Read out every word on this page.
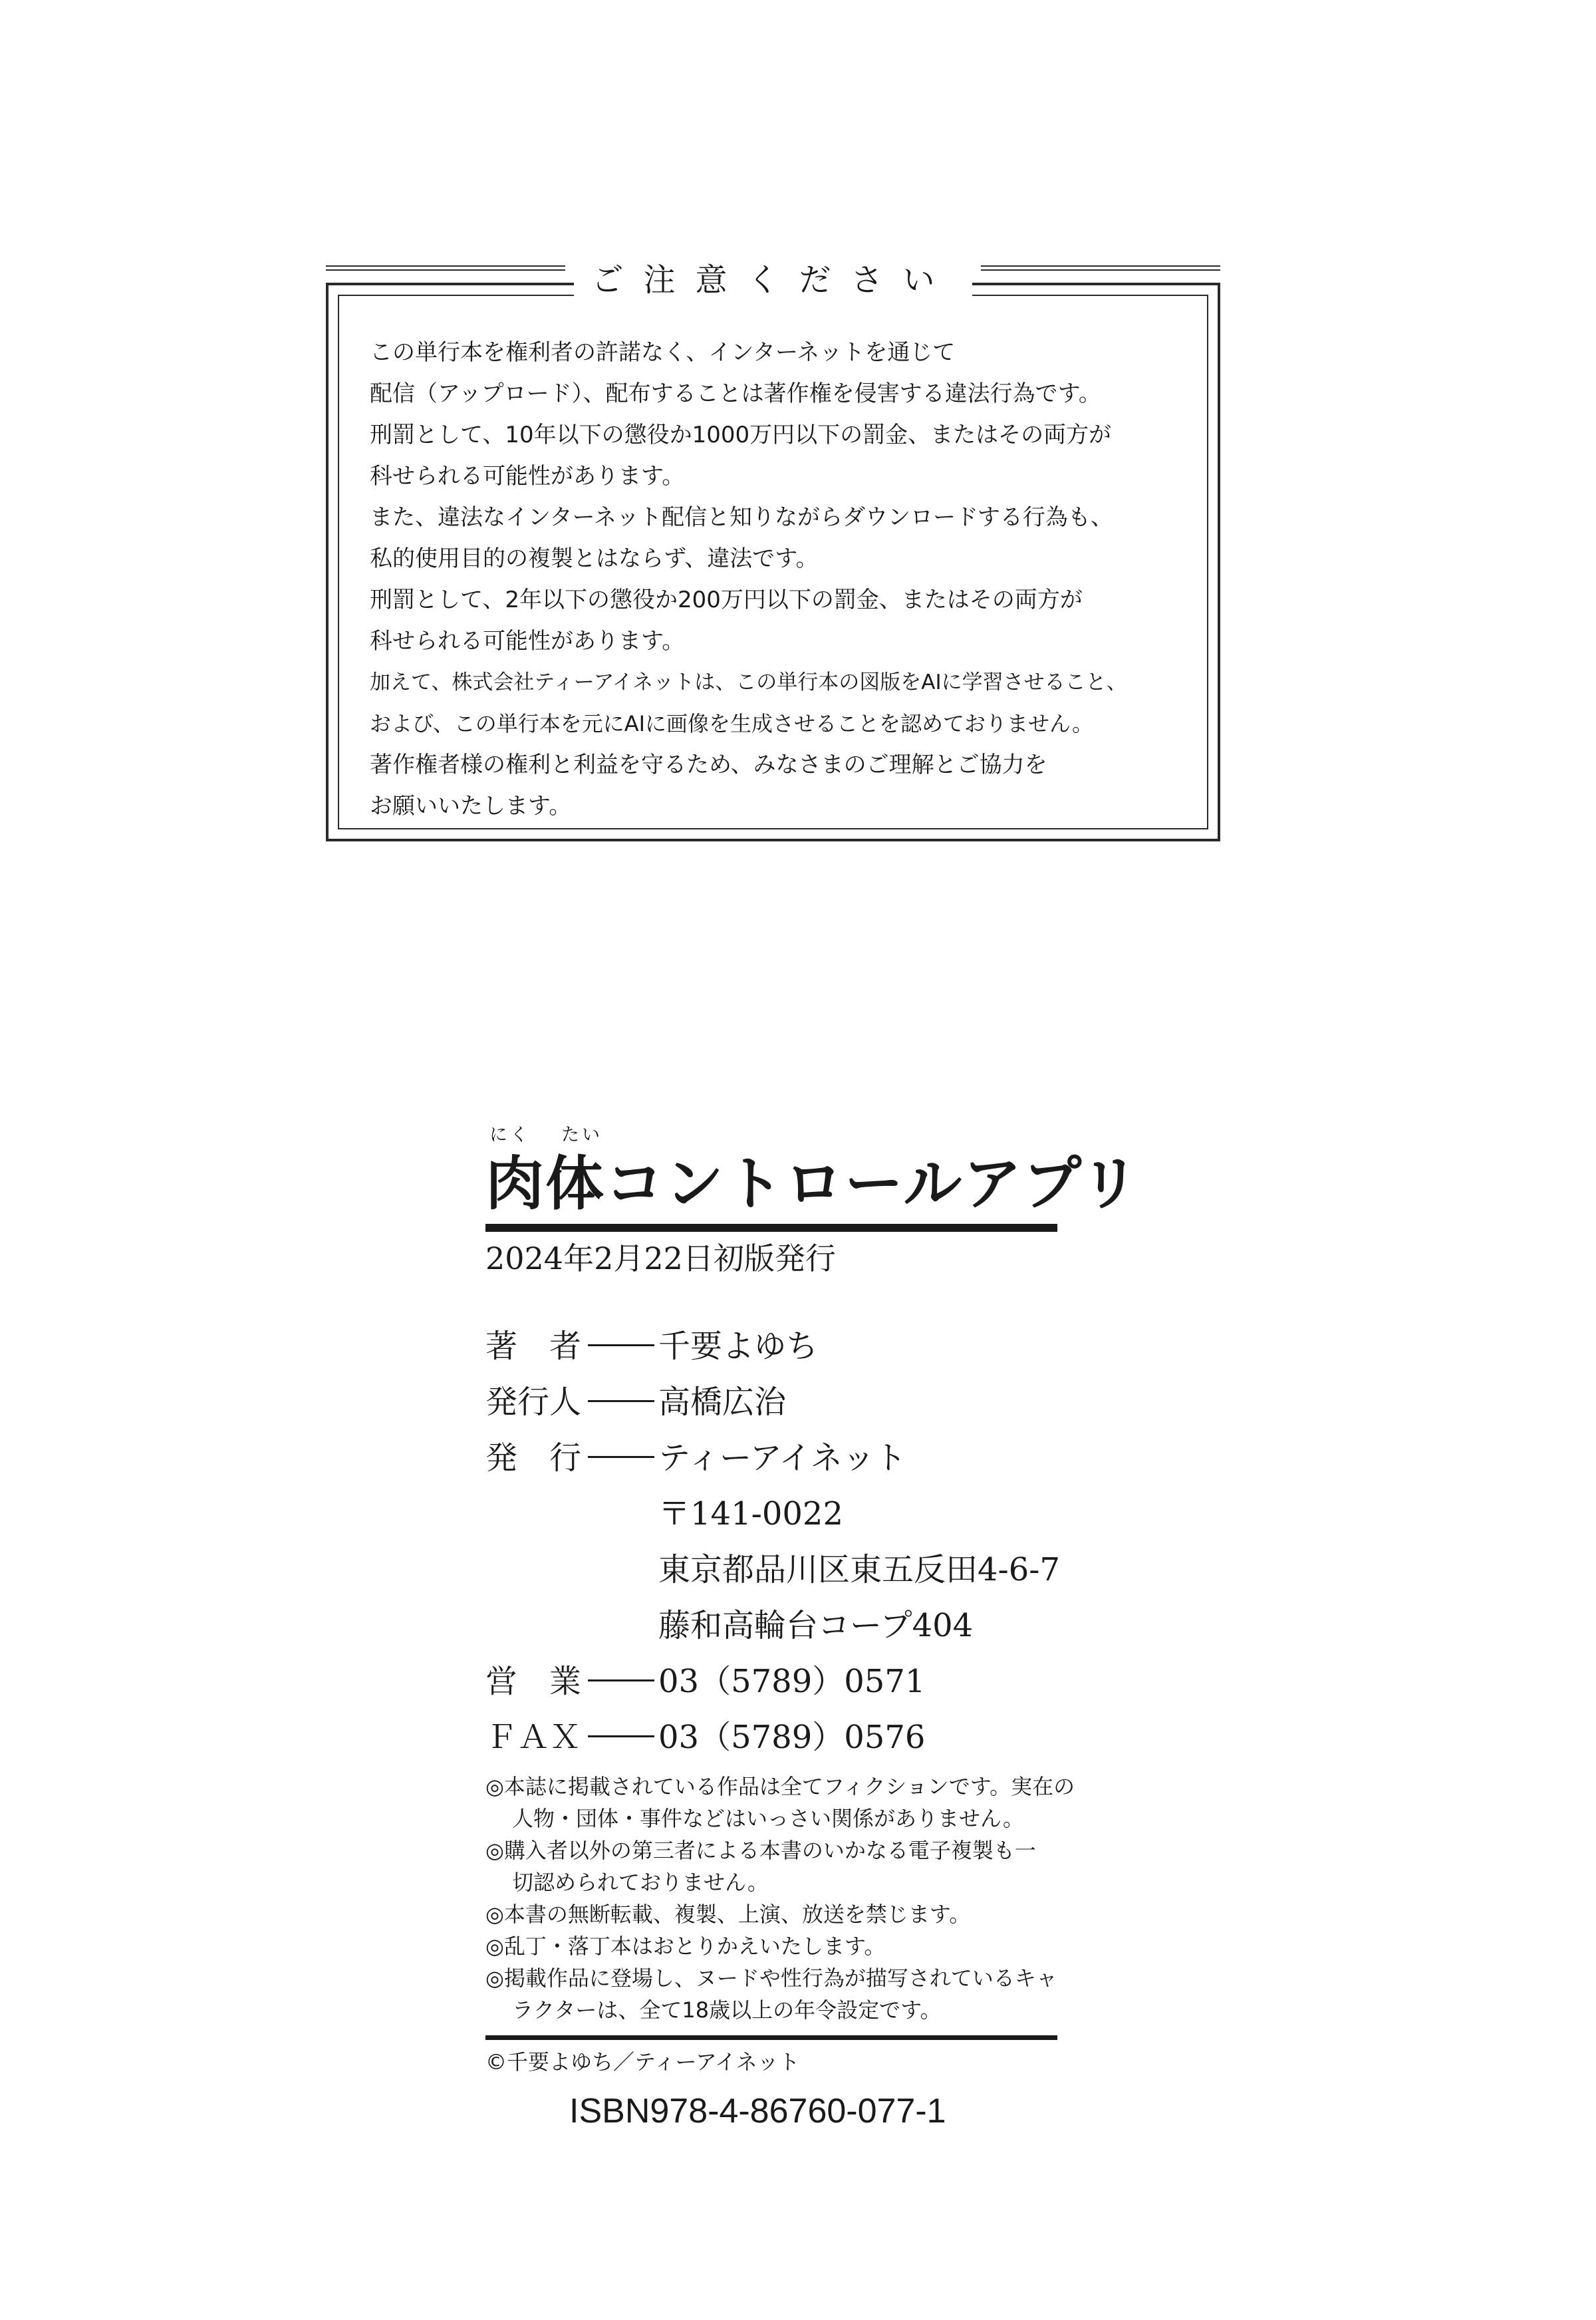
ご注意ください
この単行本を権利者の許諾なく、インターネットを通じて
配信（アップロード）、配布することは著作権を侵害する違法行為です。
刑罰として、10年以下の懲役か1000万円以下の罰金、またはその両方が
科せられる可能性があります。
また、違法なインターネット配信と知りながらダウンロードする行為も、
私的使用目的の複製とはならず、違法です。
刑罰として、2年以下の懲役か200万円以下の罰金、またはその両方が
科せられる可能性があります。
加えて、株式会社ティーアイネットは、この単行本の図版をAIに学習させること、
および、この単行本を元にAIに画像を生成させることを認めておりません。
著作権者様の権利と利益を守るため、みなさまのご理解とご協力を
お願いいたします。
にく たい
肉体コントロールアプリ
2024年2月22日初版発行
著　者 千要よゆち
発行人 高橋広治
発　行 ティーアイネット
〒141-0022
東京都品川区東五反田4-6-7
藤和高輪台コープ404
営　業 03（5789）0571
ＦＡＸ 03（5789）0576
◎本誌に掲載されている作品は全てフィクションです。実在の
人物・団体・事件などはいっさい関係がありません。
◎購入者以外の第三者による本書のいかなる電子複製も一
切認められておりません。
◎本書の無断転載、複製、上演、放送を禁じます。
◎乱丁・落丁本はおとりかえいたします。
◎掲載作品に登場し、ヌードや性行為が描写されているキャ
ラクターは、全て18歳以上の年令設定です。
©千要よゆち／ティーアイネット
ISBN978-4-86760-077-1
